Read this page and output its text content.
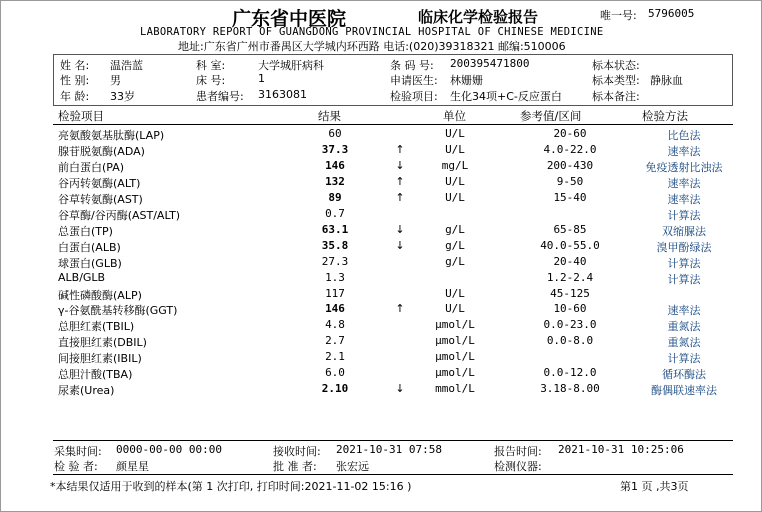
广东省中医院	临床化学检验报告	唯一号: 5796005
LABORATORY REPORT OF GUANGDONG PROVINCIAL HOSPITAL OF CHINESE MEDICINE
地址:广东省广州市番禺区大学城内环西路 电话:(020)39318321 邮编:510006
姓 名: 温浩蓝	科 室:	大学城肝病科	条 码 号: 200395471800	标本状态:
性 别: 男	床 号:	1	申请医生: 林姗姗	标本类型: 静脉血
年 龄: 33岁	患者编号: 3163081	检验项目: 生化34项+C-反应蛋白	标本备注:
检验项目	结果	单位	参考值/区间	检验方法
亮氨酸氨基肽酶(LAP)	60	U/L	20-60	比色法
腺苷脱氨酶(ADA)	37.3	↑	U/L	4.0-22.0	速率法
前白蛋白(PA)	146	↓	mg/L	200-430	免疫透射比浊法
谷丙转氨酶(ALT)	132	↑	U/L	9-50	速率法
谷草转氨酶(AST)	89	↑	U/L	15-40	速率法
谷草酶/谷丙酶(AST/ALT)	0.7	计算法
总蛋白(TP)	63.1	↓	g/L	65-85	双缩脲法
白蛋白(ALB)	35.8	↓	g/L	40.0-55.0	溴甲酚绿法
球蛋白(GLB)	27.3	g/L	20-40	计算法
ALB/GLB	1.3	1.2-2.4	计算法
碱性磷酸酶(ALP)	117	U/L	45-125
γ-谷氨酰基转移酶(GGT)	146	↑	U/L	10-60	速率法
总胆红素(TBIL)	4.8	μmol/L	0.0-23.0	重氮法
直接胆红素(DBIL)	2.7	μmol/L	0.0-8.0	重氮法
间接胆红素(IBIL)	2.1	μmol/L	计算法
总胆汁酸(TBA)	6.0	μmol/L	0.0-12.0	循环酶法
尿素(Urea)	2.10	↓	mmol/L	3.18-8.00	酶偶联速率法
采集时间: 0000-00-00 00:00	接收时间: 2021-10-31 07:58	报告时间: 2021-10-31 10:25:06
检 验 者: 颜星星	批 准 者: 张宏远	检测仪器:
*本结果仅适用于收到的样本(第 1 次打印, 打印时间:2021-11-02 15:16 )	第1 页 ,共3页
